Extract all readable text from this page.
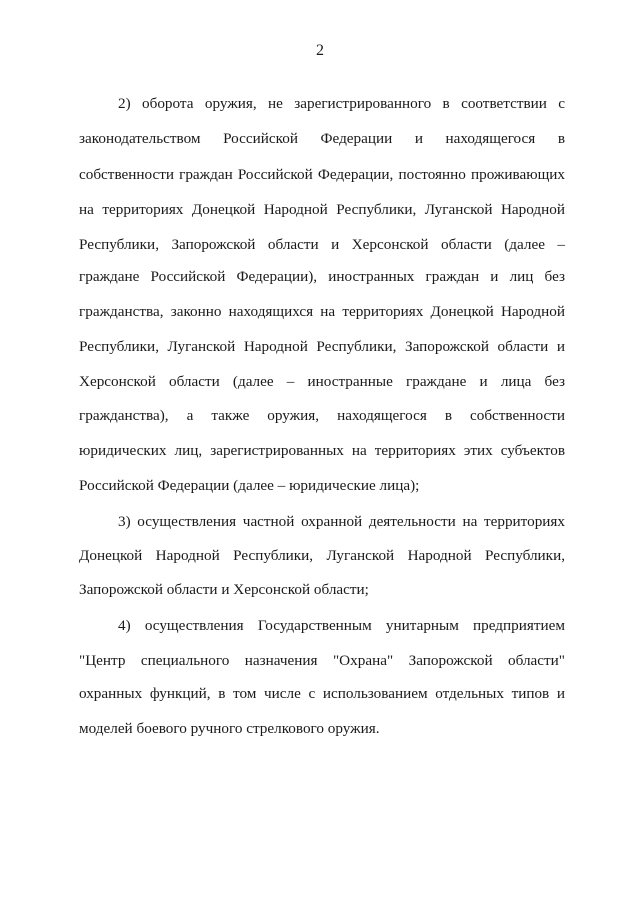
2
2) оборота оружия, не зарегистрированного в соответствии с
законодательством Российской Федерации и находящегося в
собственности граждан Российской Федерации, постоянно проживающих
на территориях Донецкой Народной Республики, Луганской Народной
Республики, Запорожской области и Херсонской области (далее –
граждане Российской Федерации), иностранных граждан и лиц без
гражданства, законно находящихся на территориях Донецкой Народной
Республики, Луганской Народной Республики, Запорожской области и
Херсонской области (далее – иностранные граждане и лица без
гражданства), а также оружия, находящегося в собственности
юридических лиц, зарегистрированных на территориях этих субъектов
Российской Федерации (далее – юридические лица);
3) осуществления частной охранной деятельности на территориях
Донецкой Народной Республики, Луганской Народной Республики,
Запорожской области и Херсонской области;
4) осуществления Государственным унитарным предприятием
"Центр специального назначения "Охрана" Запорожской области"
охранных функций, в том числе с использованием отдельных типов и
моделей боевого ручного стрелкового оружия.
